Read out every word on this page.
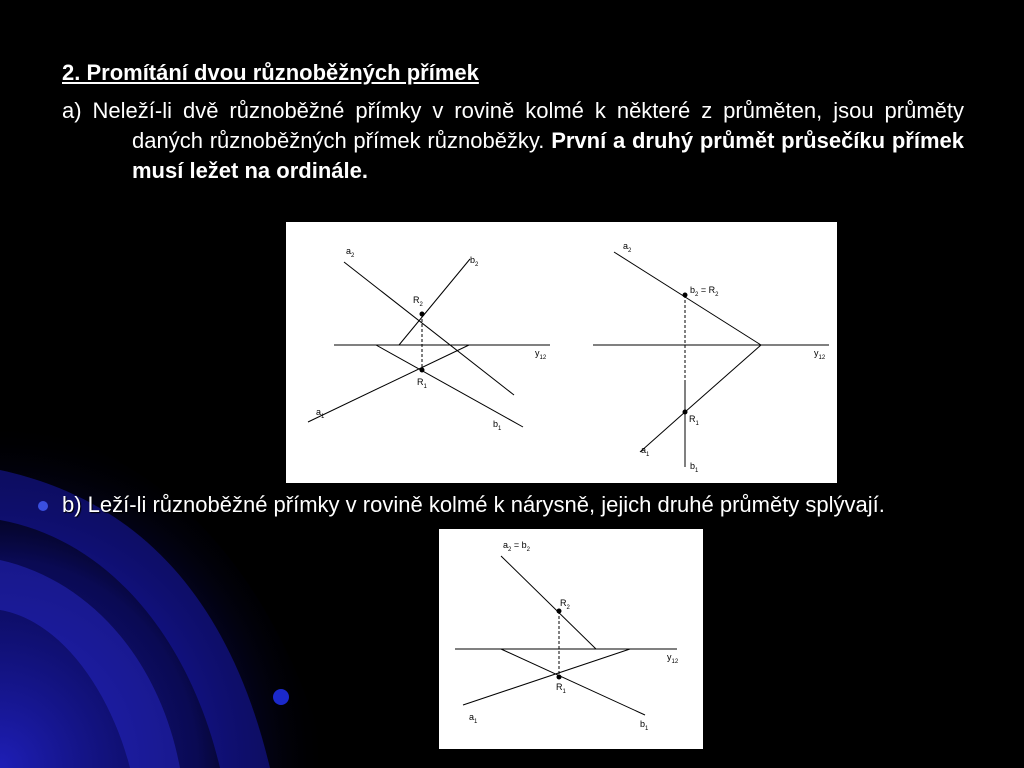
2. Promítání dvou různoběžných přímek
a) Neleží-li dvě různoběžné přímky v rovině kolmé k některé z průměten, jsou průměty daných různoběžných přímek různoběžky. První a druhý průmět průsečíku přímek musí ležet na ordinále.
$a_2$	$b_2$
$R_2$
$R_1$
$a_1$
$b_1$
$y_{12}$
$a_2$
$b_2 = R_2$
$R_1$
$a_1$
$b_1$
$y_{12}$
b) Leží-li různoběžné přímky v rovině kolmé k nárysně, jejich druhé průměty splývají.
$a_2 = b_2$
$R_2$
$R_1$
$a_1$	$b_1$
$y_{12}$
